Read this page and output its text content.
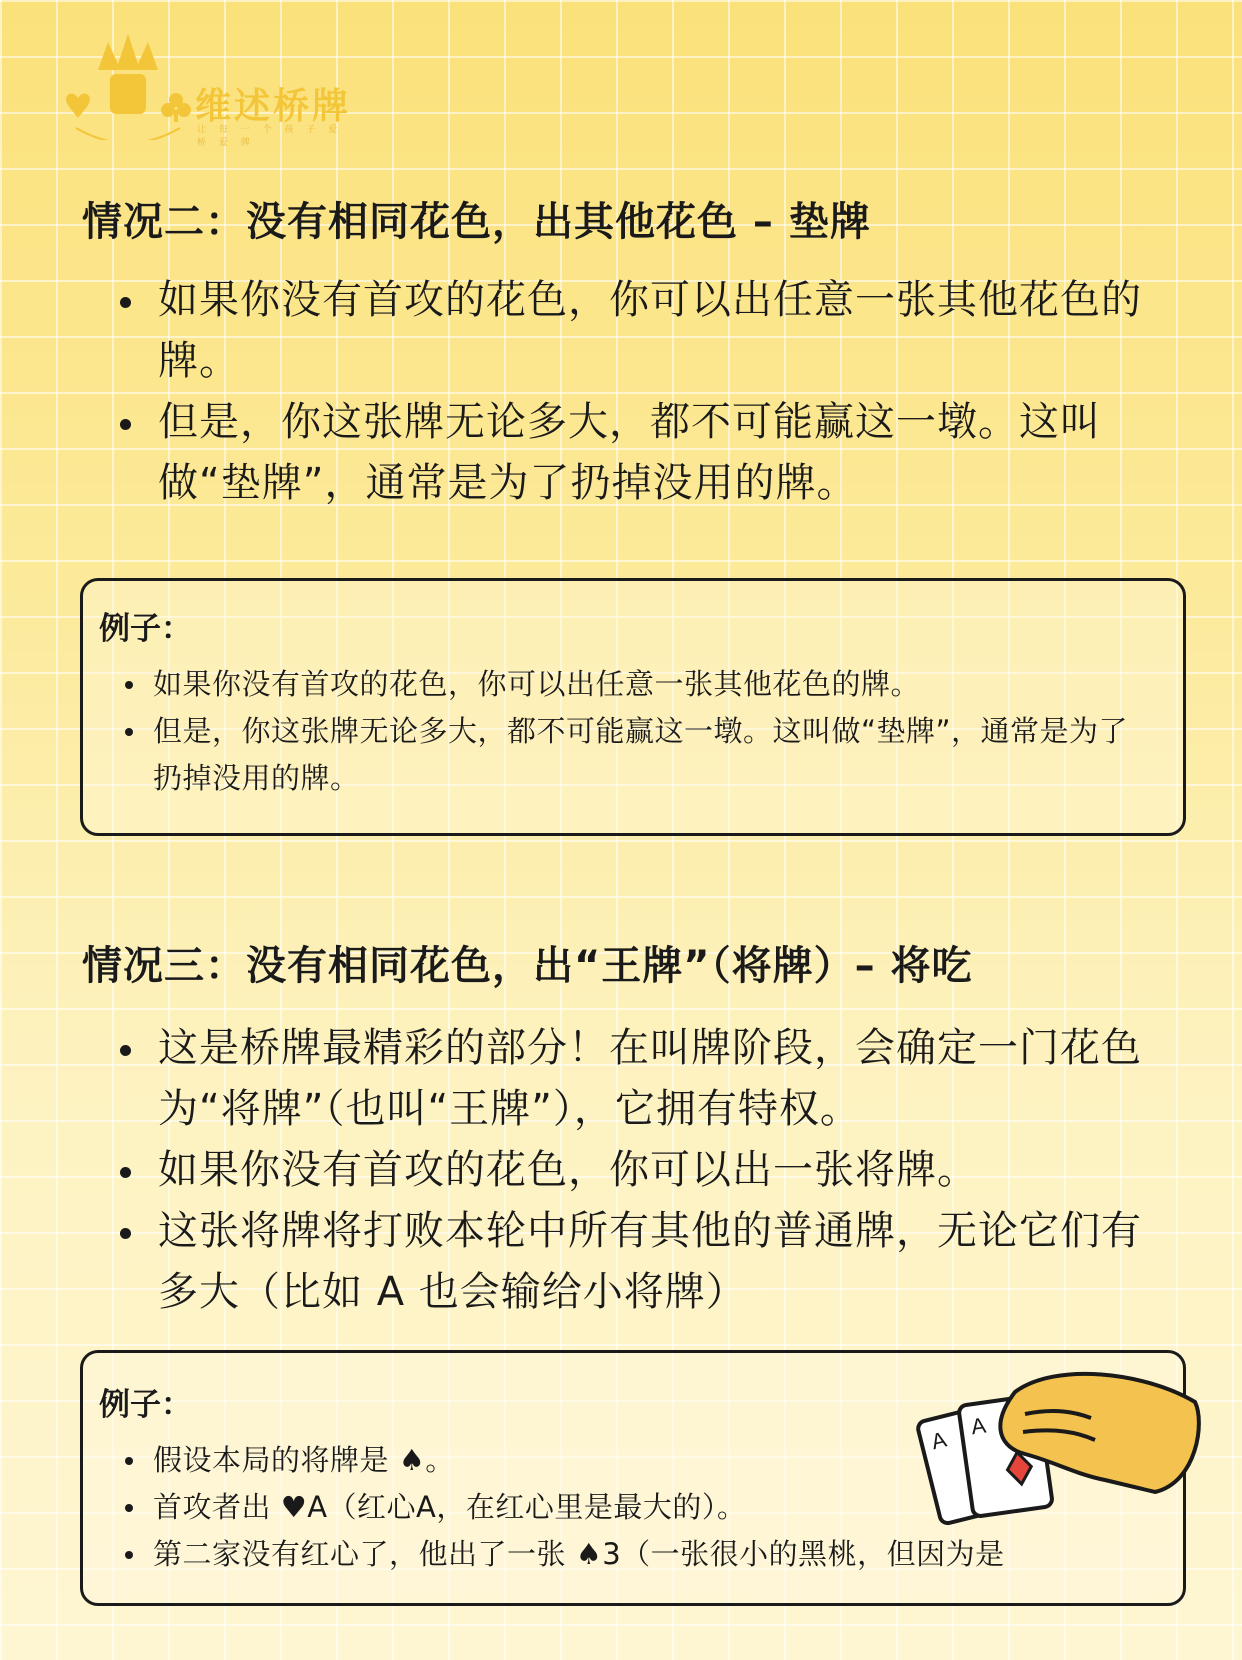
维述桥牌
让 每 一 个 孩 子 爱 桥 爱 牌
情况二：没有相同花色，出其他花色 – 垫牌
如果你没有首攻的花色，你可以出任意一张其他花色的牌。
但是，你这张牌无论多大，都不可能赢这一墩。这叫做“垫牌”，通常是为了扔掉没用的牌。
例子：
如果你没有首攻的花色，你可以出任意一张其他花色的牌。
但是，你这张牌无论多大，都不可能赢这一墩。这叫做“垫牌”，通常是为了扔掉没用的牌。
情况三：没有相同花色，出“王牌”（将牌）– 将吃
这是桥牌最精彩的部分！在叫牌阶段，会确定一门花色为“将牌”（也叫“王牌”），它拥有特权。
如果你没有首攻的花色，你可以出一张将牌。
这张将牌将打败本轮中所有其他的普通牌，无论它们有多大（比如 A 也会输给小将牌）
例子：
假设本局的将牌是 ♠。
首攻者出 ♥A（红心A，在红心里是最大的）。
第二家没有红心了，他出了一张 ♠3（一张很小的黑桃，但因为是
A
A
